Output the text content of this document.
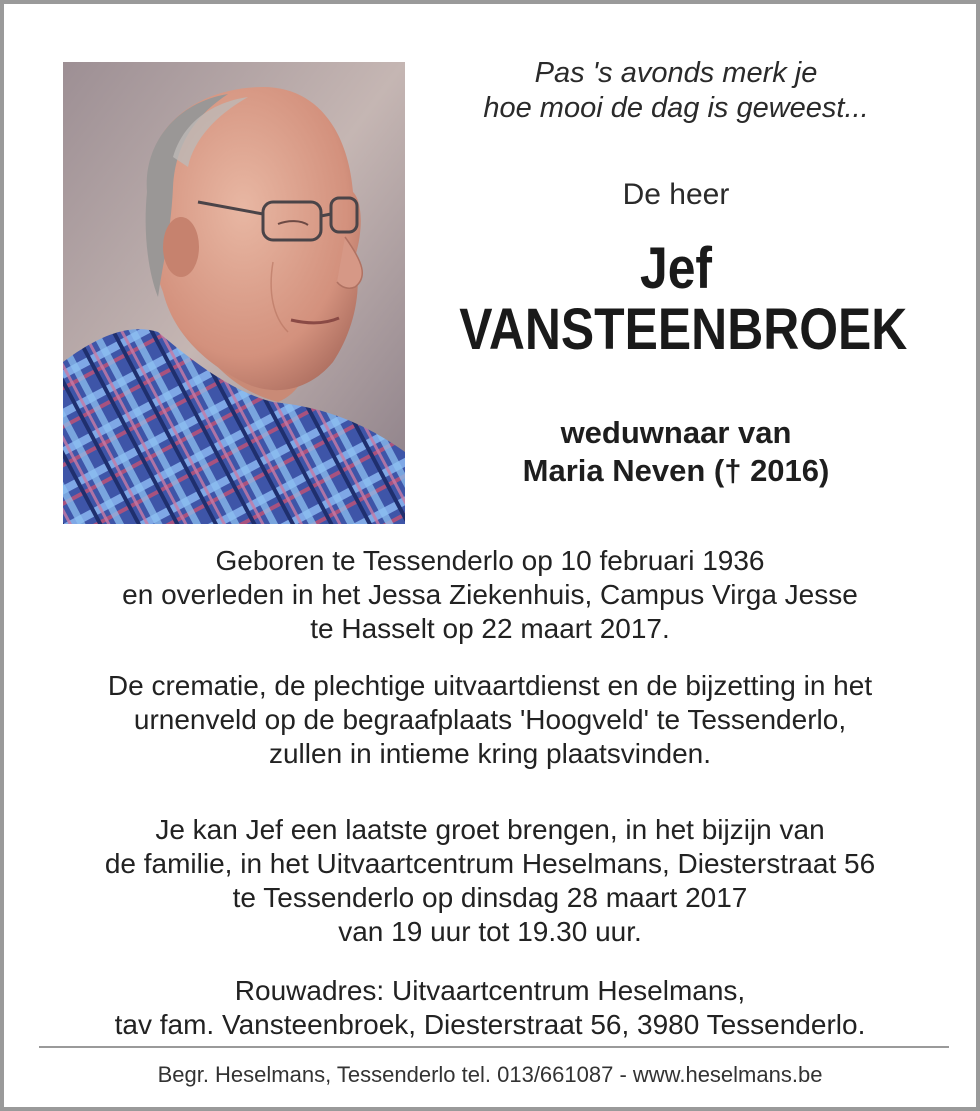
Pas 's avonds merk je
hoe mooi de dag is geweest...
De heer
Jef
VANSTEENBROEK
weduwnaar van
Maria Neven († 2016)
Geboren te Tessenderlo op 10 februari 1936
en overleden in het Jessa Ziekenhuis, Campus Virga Jesse
te Hasselt op 22 maart 2017.
De crematie, de plechtige uitvaartdienst en de bijzetting in het
urnenveld op de begraafplaats 'Hoogveld' te Tessenderlo,
zullen in intieme kring plaatsvinden.
Je kan Jef een laatste groet brengen, in het bijzijn van
de familie, in het Uitvaartcentrum Heselmans, Diesterstraat 56
te Tessenderlo op dinsdag 28 maart 2017
van 19 uur tot 19.30 uur.
Rouwadres: Uitvaartcentrum Heselmans,
tav fam. Vansteenbroek, Diesterstraat 56, 3980 Tessenderlo.
Begr. Heselmans, Tessenderlo tel. 013/661087 - www.heselmans.be
